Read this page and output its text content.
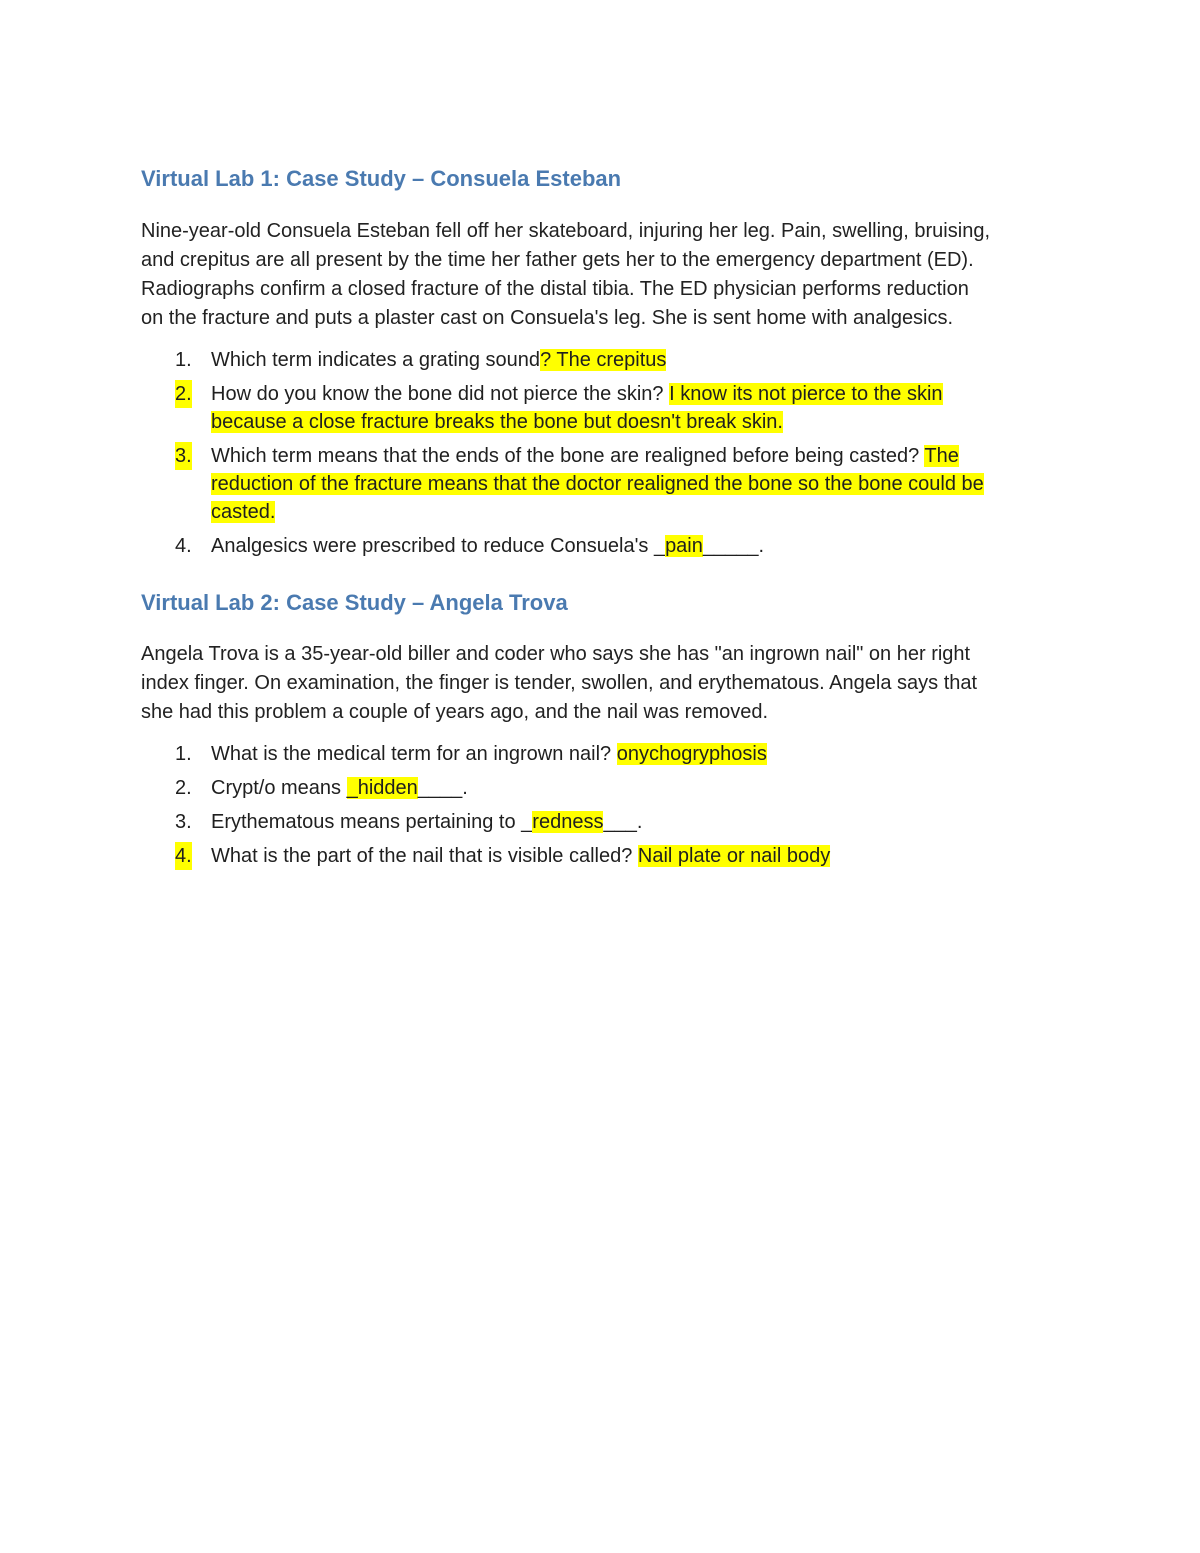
Virtual Lab 1: Case Study – Consuela Esteban
Nine-year-old Consuela Esteban fell off her skateboard, injuring her leg. Pain, swelling, bruising,
and crepitus are all present by the time her father gets her to the emergency department (ED).
Radiographs confirm a closed fracture of the distal tibia. The ED physician performs reduction
on the fracture and puts a plaster cast on Consuela's leg. She is sent home with analgesics.
1. Which term indicates a grating sound? The crepitus
2. How do you know the bone did not pierce the skin? I know its not pierce to the skin
because a close fracture breaks the bone but doesn't break skin.
3. Which term means that the ends of the bone are realigned before being casted? The
reduction of the fracture means that the doctor realigned the bone so the bone could be
casted.
4. Analgesics were prescribed to reduce Consuela's _pain_____.
Virtual Lab 2: Case Study – Angela Trova
Angela Trova is a 35-year-old biller and coder who says she has "an ingrown nail" on her right
index finger. On examination, the finger is tender, swollen, and erythematous. Angela says that
she had this problem a couple of years ago, and the nail was removed.
1. What is the medical term for an ingrown nail? onychogryphosis
2. Crypt/o means _hidden____.
3. Erythematous means pertaining to _redness___.
4. What is the part of the nail that is visible called? Nail plate or nail body
